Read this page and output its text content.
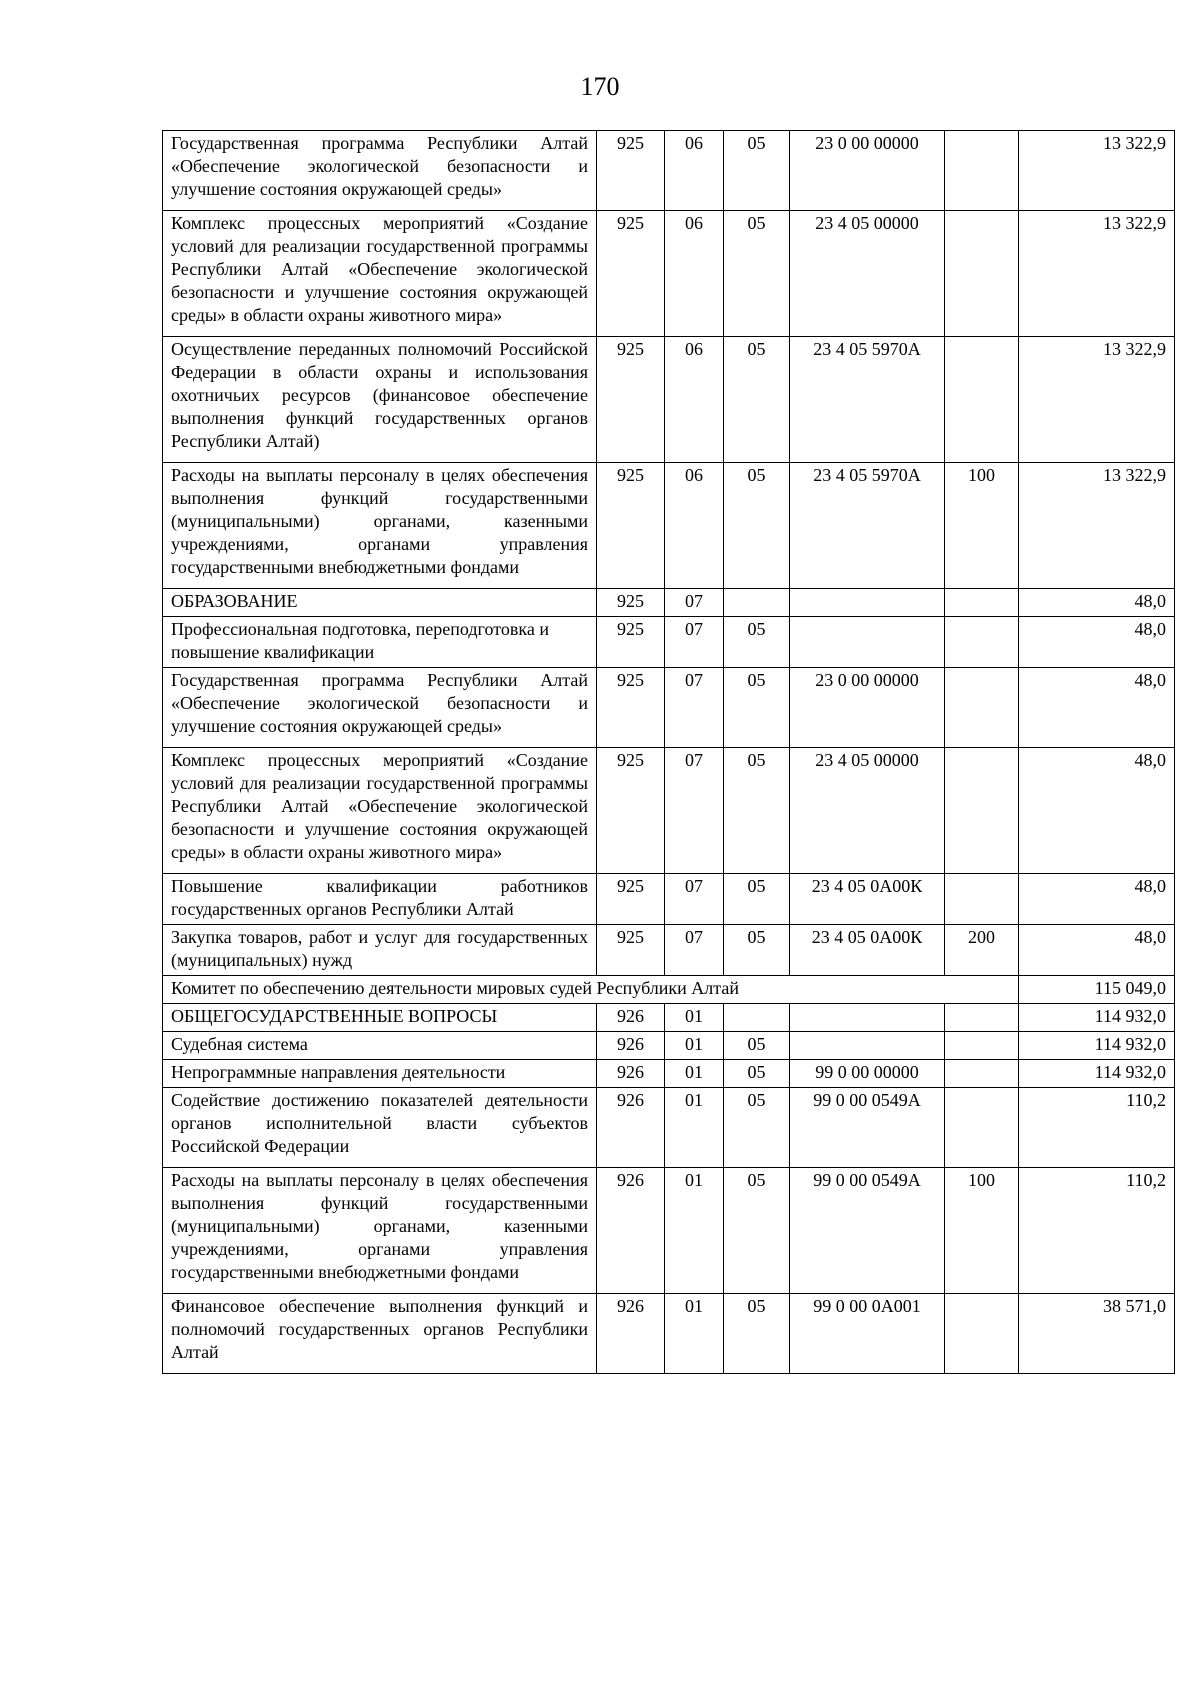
170
Государственная программа Республики Алтай «Обеспечение экологической безопасности и улучшение состояния окружающей среды»	925	06	05	23 0 00 00000		13 322,9
Комплекс процессных мероприятий «Создание условий для реализации государственной программы Республики Алтай «Обеспечение экологической безопасности и улучшение состояния окружающей среды» в области охраны животного мира»	925	06	05	23 4 05 00000		13 322,9
Осуществление переданных полномочий Российской Федерации в области охраны и использования охотничьих ресурсов (финансовое обеспечение выполнения функций государственных органов Республики Алтай)	925	06	05	23 4 05 5970А		13 322,9
Расходы на выплаты персоналу в целях обеспечения выполнения функций государственными (муниципальными) органами, казенными учреждениями, органами управления государственными внебюджетными фондами	925	06	05	23 4 05 5970А	100	13 322,9
ОБРАЗОВАНИЕ	925	07				48,0
Профессиональная подготовка, переподготовка и повышение квалификации	925	07	05			48,0
Государственная программа Республики Алтай «Обеспечение экологической безопасности и улучшение состояния окружающей среды»	925	07	05	23 0 00 00000		48,0
Комплекс процессных мероприятий «Создание условий для реализации государственной программы Республики Алтай «Обеспечение экологической безопасности и улучшение состояния окружающей среды» в области охраны животного мира»	925	07	05	23 4 05 00000		48,0
Повышение квалификации работников государственных органов Республики Алтай	925	07	05	23 4 05 0А00К		48,0
Закупка товаров, работ и услуг для государственных (муниципальных) нужд	925	07	05	23 4 05 0А00К	200	48,0
Комитет по обеспечению деятельности мировых судей Республики Алтай						115 049,0
ОБЩЕГОСУДАРСТВЕННЫЕ ВОПРОСЫ	926	01				114 932,0
Судебная система	926	01	05			114 932,0
Непрограммные направления деятельности	926	01	05	99 0 00 00000		114 932,0
Содействие достижению показателей деятельности органов исполнительной власти субъектов Российской Федерации	926	01	05	99 0 00 0549А		110,2
Расходы на выплаты персоналу в целях обеспечения выполнения функций государственными (муниципальными) органами, казенными учреждениями, органами управления государственными внебюджетными фондами	926	01	05	99 0 00 0549А	100	110,2
Финансовое обеспечение выполнения функций и полномочий государственных органов Республики Алтай	926	01	05	99 0 00 0А001		38 571,0
